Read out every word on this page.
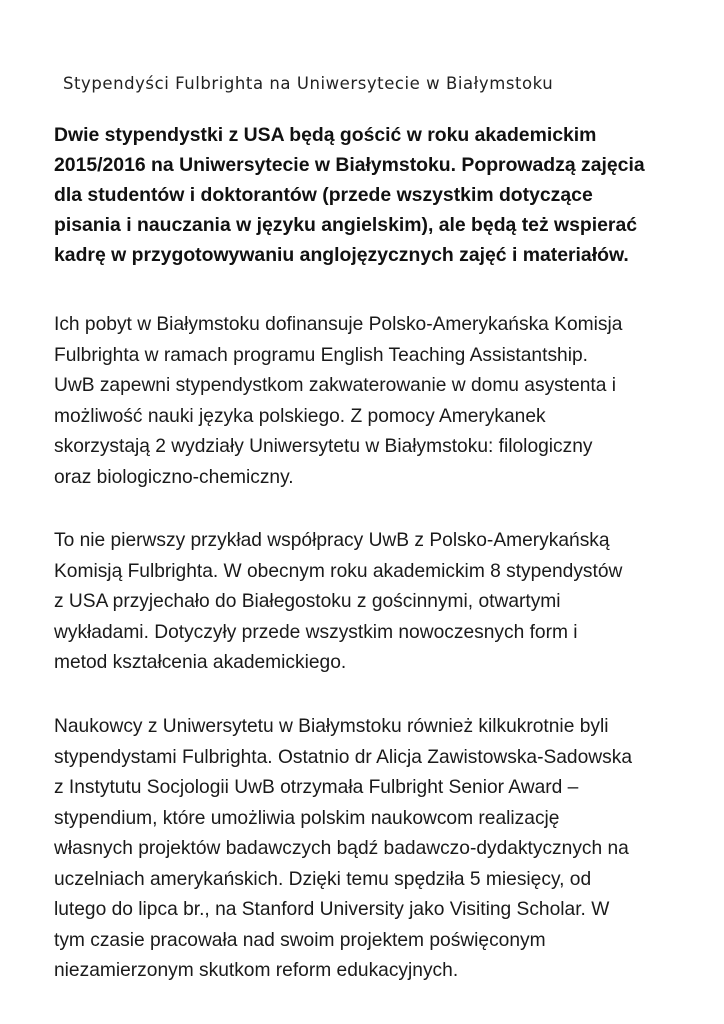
Stypendyści Fulbrighta na Uniwersytecie w Białymstoku

Dwie stypendystki z USA będą gościć w roku akademickim
2015/2016 na Uniwersytecie w Białymstoku. Poprowadzą zajęcia
dla studentów i doktorantów (przede wszystkim dotyczące
pisania i nauczania w języku angielskim), ale będą też wspierać
kadrę w przygotowywaniu anglojęzycznych zajęć i materiałów.

Ich pobyt w Białymstoku dofinansuje Polsko-Amerykańska Komisja
Fulbrighta w ramach programu English Teaching Assistantship.
UwB zapewni stypendystkom zakwaterowanie w domu asystenta i
możliwość nauki języka polskiego. Z pomocy Amerykanek
skorzystają 2 wydziały Uniwersytetu w Białymstoku: filologiczny
oraz biologiczno-chemiczny.

To nie pierwszy przykład współpracy UwB z Polsko-Amerykańską
Komisją Fulbrighta. W obecnym roku akademickim 8 stypendystów
z USA przyjechało do Białegostoku z gościnnymi, otwartymi
wykładami. Dotyczyły przede wszystkim nowoczesnych form i
metod kształcenia akademickiego.

Naukowcy z Uniwersytetu w Białymstoku również kilkukrotnie byli
stypendystami Fulbrighta. Ostatnio dr Alicja Zawistowska-Sadowska
z Instytutu Socjologii UwB otrzymała Fulbright Senior Award –
stypendium, które umożliwia polskim naukowcom realizację
własnych projektów badawczych bądź badawczo-dydaktycznych na
uczelniach amerykańskich. Dzięki temu spędziła 5 miesięcy, od
lutego do lipca br., na Stanford University jako Visiting Scholar. W
tym czasie pracowała nad swoim projektem poświęconym
niezamierzonym skutkom reform edukacyjnych.
